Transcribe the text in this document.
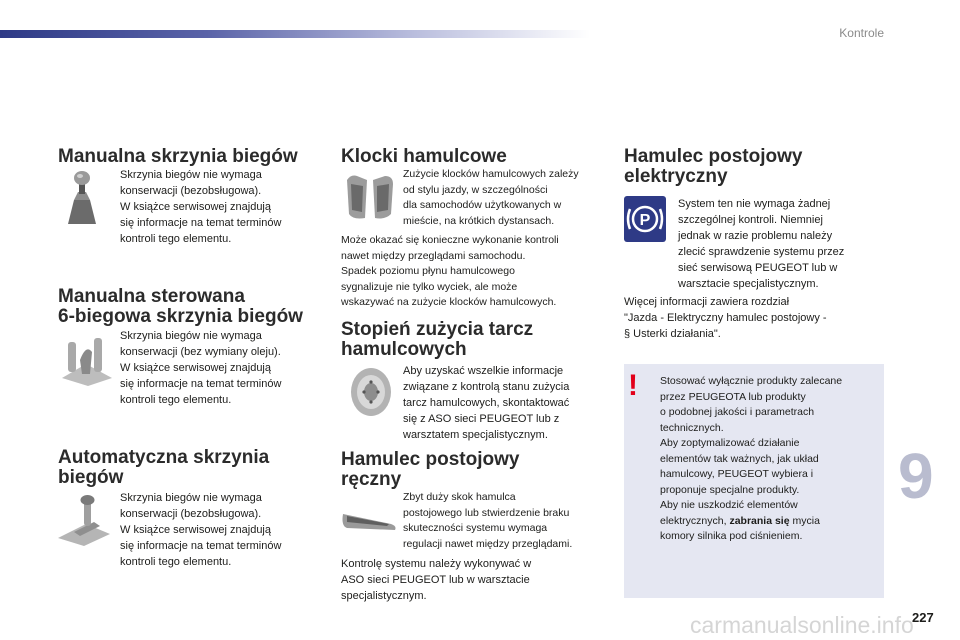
Kontrole
Manualna skrzynia biegów
Skrzynia biegów nie wymaga
konserwacji (bezobsługowa).
W książce serwisowej znajdują
się informacje na temat terminów
kontroli tego elementu.
Manualna sterowana
6-biegowa skrzynia biegów
Skrzynia biegów nie wymaga
konserwacji (bez wymiany oleju).
W książce serwisowej znajdują
się informacje na temat terminów
kontroli tego elementu.
Automatyczna skrzynia
biegów
Skrzynia biegów nie wymaga
konserwacji (bezobsługowa).
W książce serwisowej znajdują
się informacje na temat terminów
kontroli tego elementu.
Klocki hamulcowe
Zużycie klocków hamulcowych zależy
od stylu jazdy, w szczególności
dla samochodów użytkowanych w
mieście, na krótkich dystansach.
Może okazać się konieczne wykonanie kontroli
nawet między przeglądami samochodu.
Spadek poziomu płynu hamulcowego
sygnalizuje nie tylko wyciek, ale może
wskazywać na zużycie klocków hamulcowych.
Stopień zużycia tarcz
hamulcowych
Aby uzyskać wszelkie informacje
związane z kontrolą stanu zużycia
tarcz hamulcowych, skontaktować
się z ASO sieci PEUGEOT lub z
warsztatem specjalistycznym.
Hamulec postojowy
ręczny
Zbyt duży skok hamulca
postojowego lub stwierdzenie braku
skuteczności systemu wymaga
regulacji nawet między przeglądami.
Kontrolę systemu należy wykonywać w
ASO sieci PEUGEOT lub w warsztacie
specjalistycznym.
Hamulec postojowy
elektryczny
P
System ten nie wymaga żadnej
szczególnej kontroli. Niemniej
jednak w razie problemu należy
zlecić sprawdzenie systemu przez
sieć serwisową PEUGEOT lub w
warsztacie specjalistycznym.
Więcej informacji zawiera rozdział
"Jazda - Elektryczny hamulec postojowy -
§ Usterki działania".
! Stosować wyłącznie produkty zalecane
przez PEUGEOTA lub produkty
o podobnej jakości i parametrach
technicznych.
Aby zoptymalizować działanie
elementów tak ważnych, jak układ
hamulcowy, PEUGEOT wybiera i
proponuje specjalne produkty.
Aby nie uszkodzić elementów
elektrycznych, zabrania się mycia
komory silnika pod ciśnieniem.
9
carmanualsonline.info
227
